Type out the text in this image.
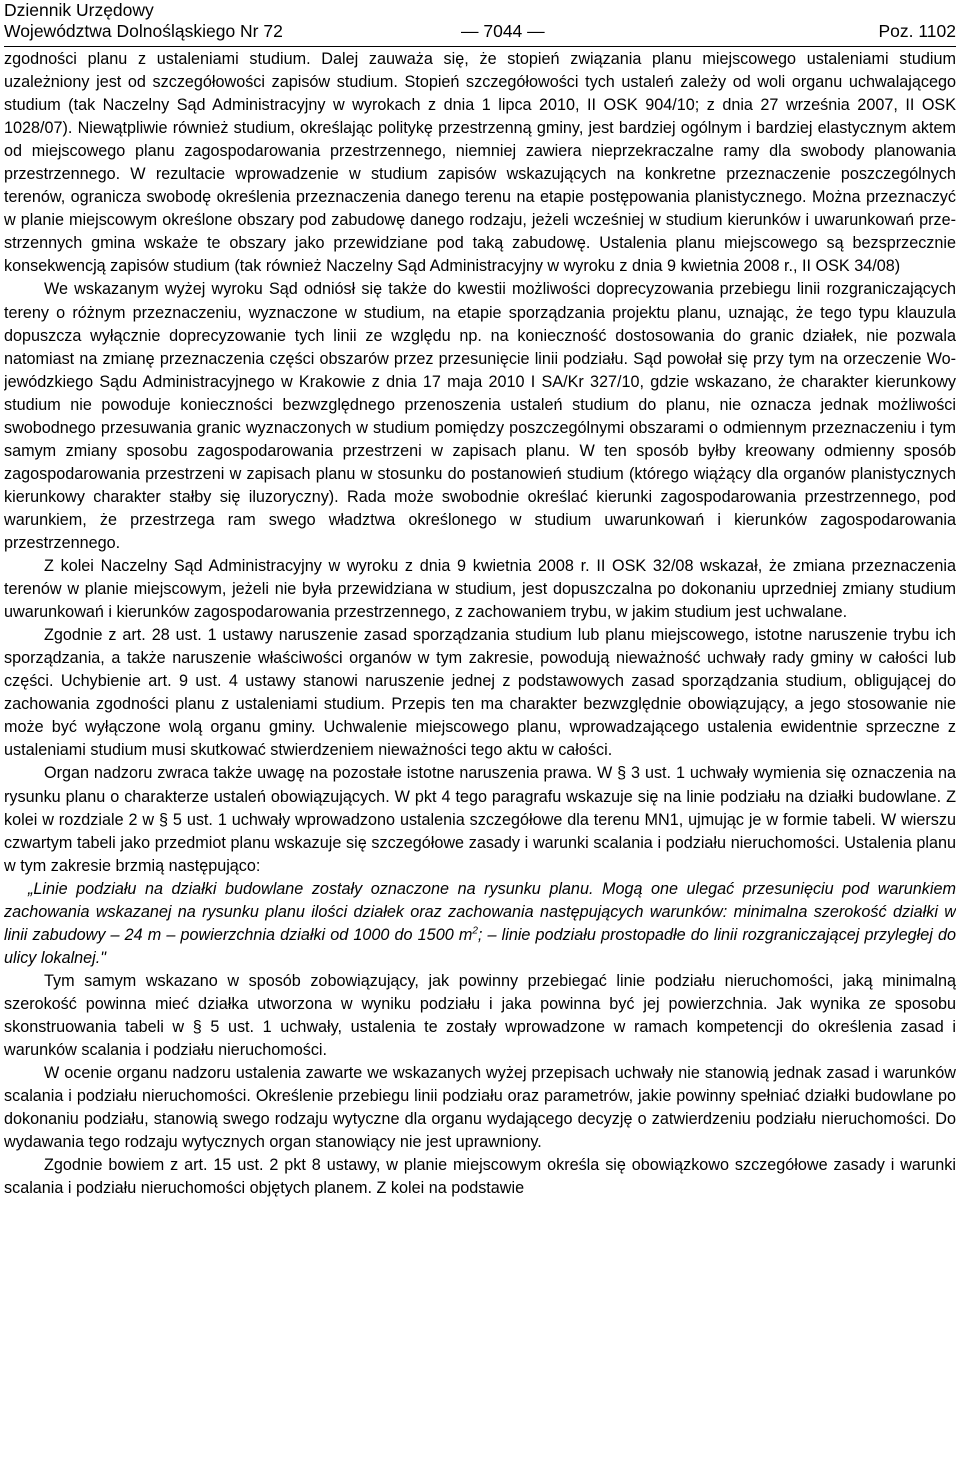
Dziennik Urzędowy
Województwa Dolnośląskiego Nr 72	— 7044 —	Poz. 1102

zgodności planu z ustaleniami studium. Dalej zauważa się, że stopień związania planu miejscowego ustaleniami studium uzależniony jest od szczegółowości zapisów studium. Stopień szczegółowości tych ustaleń zależy od woli organu uchwalającego studium (tak Naczelny Sąd Administracyjny w wyrokach z dnia 1 lipca 2010, II OSK 904/10; z dnia 27 września 2007, II OSK 1028/07). Niewątpliwie również studium, określając politykę przestrzenną gminy, jest bardziej ogólnym i bardziej elastycznym aktem od miejscowego planu zagospodarowania przestrzennego, niemniej zawiera nieprzekraczalne ramy dla swobody planowania przestrzennego. W rezultacie wprowadzenie w studium zapisów wskazujących na konkretne przeznaczenie poszczególnych terenów, ogranicza swobodę określenia przeznaczenia danego terenu na etapie postępowania planistycznego. Można przeznaczyć w planie miejscowym określone obszary pod zabudowę danego rodzaju, jeżeli wcześniej w studium kierunków i uwarunkowań przestrzennych gmina wskaże te obszary jako przewidziane pod taką zabudowę. Ustalenia planu miejscowego są bezsprzecznie konsekwencją zapisów studium (tak również Naczelny Sąd Administracyjny w wyroku z dnia 9 kwietnia 2008 r., II OSK 34/08)

We wskazanym wyżej wyroku Sąd odniósł się także do kwestii możliwości doprecyzowania przebiegu linii rozgraniczających tereny o różnym przeznaczeniu, wyznaczone w studium, na etapie sporządzania projektu planu, uznając, że tego typu klauzula dopuszcza wyłącznie doprecyzowanie tych linii ze względu np. na konieczność dostosowania do granic działek, nie pozwala natomiast na zmianę przeznaczenia części obszarów przez przesunięcie linii podziału. Sąd powołał się przy tym na orzeczenie Wojewódzkiego Sądu Administracyjnego w Krakowie z dnia 17 maja 2010 I SA/Kr 327/10, gdzie wskazano, że charakter kierunkowy studium nie powoduje konieczności bezwzględnego przenoszenia ustaleń studium do planu, nie oznacza jednak możliwości swobodnego przesuwania granic wyznaczonych w studium pomiędzy poszczególnymi obszarami o odmiennym przeznaczeniu i tym samym zmiany sposobu zagospodarowania przestrzeni w zapisach planu. W ten sposób byłby kreowany odmienny sposób zagospodarowania przestrzeni w zapisach planu w stosunku do postanowień studium (którego wiążący dla organów planistycznych kierunkowy charakter stałby się iluzoryczny). Rada może swobodnie określać kierunki zagospodarowania przestrzennego, pod warunkiem, że przestrzega ram swego władztwa określonego w studium uwarunkowań i kierunków zagospodarowania przestrzennego.

Z kolei Naczelny Sąd Administracyjny w wyroku z dnia 9 kwietnia 2008 r. II OSK 32/08 wskazał, że zmiana przeznaczenia terenów w planie miejscowym, jeżeli nie była przewidziana w studium, jest dopuszczalna po dokonaniu uprzedniej zmiany studium uwarunkowań i kierunków zagospodarowania przestrzennego, z zachowaniem trybu, w jakim studium jest uchwalane.

Zgodnie z art. 28 ust. 1 ustawy naruszenie zasad sporządzania studium lub planu miejscowego, istotne naruszenie trybu ich sporządzania, a także naruszenie właściwości organów w tym zakresie, powodują nieważność uchwały rady gminy w całości lub części. Uchybienie art. 9 ust. 4 ustawy stanowi naruszenie jednej z podstawowych zasad sporządzania studium, obligującej do zachowania zgodności planu z ustaleniami studium. Przepis ten ma charakter bezwzględnie obowiązujący, a jego stosowanie nie może być wyłączone wolą organu gminy. Uchwalenie miejscowego planu, wprowadzającego ustalenia ewidentnie sprzeczne z ustaleniami studium musi skutkować stwierdzeniem nieważności tego aktu w całości.

Organ nadzoru zwraca także uwagę na pozostałe istotne naruszenia prawa. W § 3 ust. 1 uchwały wymienia się oznaczenia na rysunku planu o charakterze ustaleń obowiązujących. W pkt 4 tego paragrafu wskazuje się na linie podziału na działki budowlane. Z kolei w rozdziale 2 w § 5 ust. 1 uchwały wprowadzono ustalenia szczegółowe dla terenu MN1, ujmując je w formie tabeli. W wierszu czwartym tabeli jako przedmiot planu wskazuje się szczegółowe zasady i warunki scalania i podziału nieruchomości. Ustalenia planu w tym zakresie brzmią następująco:

„Linie podziału na działki budowlane zostały oznaczone na rysunku planu. Mogą one ulegać przesunięciu pod warunkiem zachowania wskazanej na rysunku planu ilości działek oraz zachowania następujących warunków: minimalna szerokość działki w linii zabudowy – 24 m – powierzchnia działki od 1000 do 1500 $m^2$; – linie podziału prostopadłe do linii rozgraniczającej przyległej do ulicy lokalnej."

Tym samym wskazano w sposób zobowiązujący, jak powinny przebiegać linie podziału nieruchomości, jaką minimalną szerokość powinna mieć działka utworzona w wyniku podziału i jaka powinna być jej powierzchnia. Jak wynika ze sposobu skonstruowania tabeli w § 5 ust. 1 uchwały, ustalenia te zostały wprowadzone w ramach kompetencji do określenia zasad i warunków scalania i podziału nieruchomości.

W ocenie organu nadzoru ustalenia zawarte we wskazanych wyżej przepisach uchwały nie stanowią jednak zasad i warunków scalania i podziału nieruchomości. Określenie przebiegu linii podziału oraz parametrów, jakie powinny spełniać działki budowlane po dokonaniu podziału, stanowią swego rodzaju wytyczne dla organu wydającego decyzję o zatwierdzeniu podziału nieruchomości. Do wydawania tego rodzaju wytycznych organ stanowiący nie jest uprawniony.

Zgodnie bowiem z art. 15 ust. 2 pkt 8 ustawy, w planie miejscowym określa się obowiązkowo szczegółowe zasady i warunki scalania i podziału nieruchomości objętych planem. Z kolei na podstawie
